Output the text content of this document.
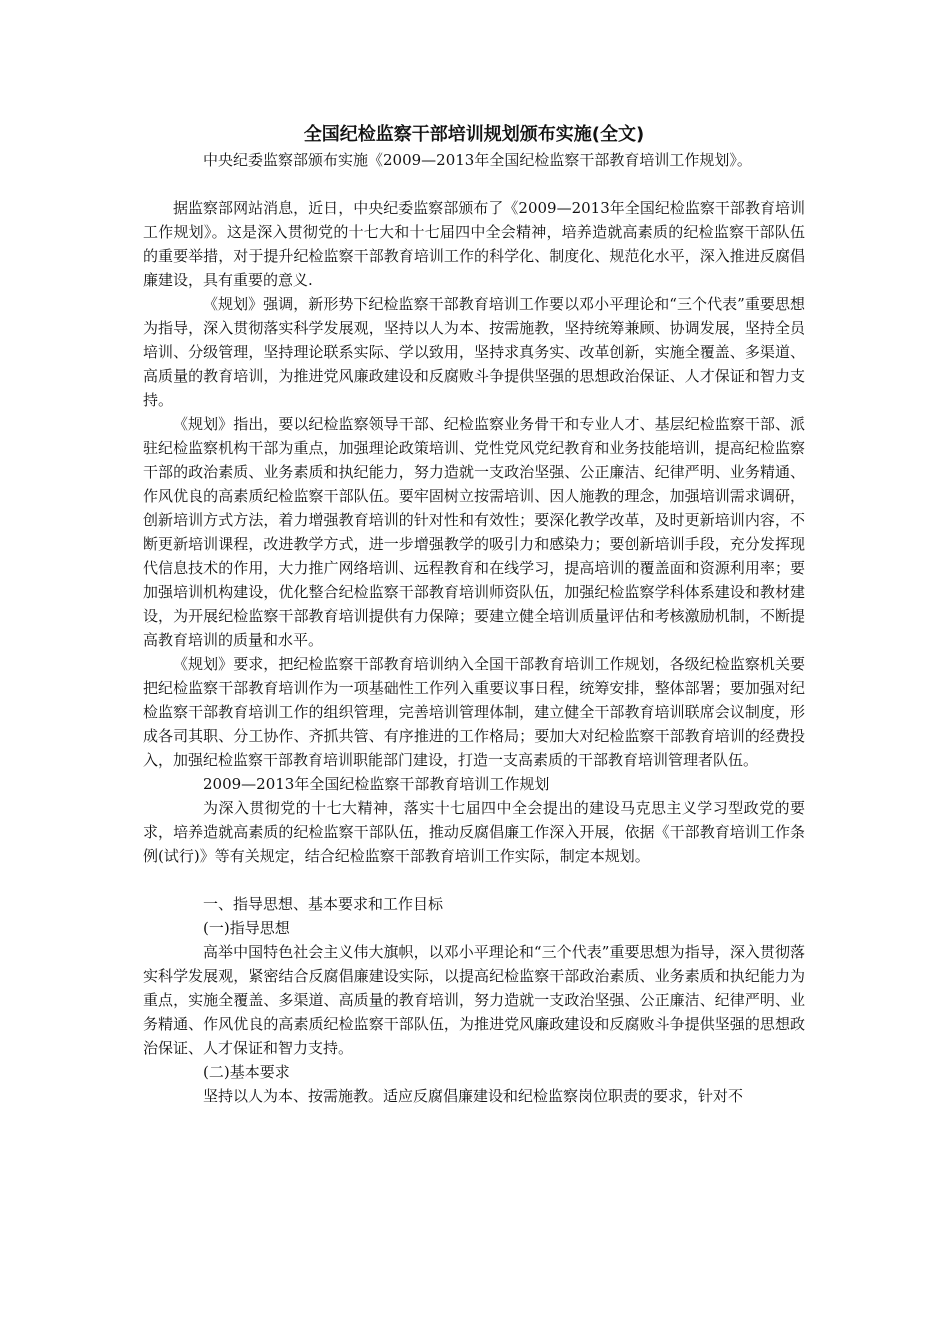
全国纪检监察干部培训规划颁布实施(全文)

中央纪委监察部颁布实施《2009—2013年全国纪检监察干部教育培训工作规划》。

据监察部网站消息，近日，中央纪委监察部颁布了《2009—2013年全国纪检监察干部教育培训工作规划》。这是深入贯彻党的十七大和十七届四中全会精神，培养造就高素质的纪检监察干部队伍的重要举措，对于提升纪检监察干部教育培训工作的科学化、制度化、规范化水平，深入推进反腐倡廉建设，具有重要的意义.

《规划》强调，新形势下纪检监察干部教育培训工作要以邓小平理论和“三个代表”重要思想为指导，深入贯彻落实科学发展观，坚持以人为本、按需施教，坚持统筹兼顾、协调发展，坚持全员培训、分级管理，坚持理论联系实际、学以致用，坚持求真务实、改革创新，实施全覆盖、多渠道、高质量的教育培训，为推进党风廉政建设和反腐败斗争提供坚强的思想政治保证、人才保证和智力支持。

《规划》指出，要以纪检监察领导干部、纪检监察业务骨干和专业人才、基层纪检监察干部、派驻纪检监察机构干部为重点，加强理论政策培训、党性党风党纪教育和业务技能培训，提高纪检监察干部的政治素质、业务素质和执纪能力，努力造就一支政治坚强、公正廉洁、纪律严明、业务精通、作风优良的高素质纪检监察干部队伍。要牢固树立按需培训、因人施教的理念，加强培训需求调研，创新培训方式方法，着力增强教育培训的针对性和有效性；要深化教学改革，及时更新培训内容，不断更新培训课程，改进教学方式，进一步增强教学的吸引力和感染力；要创新培训手段，充分发挥现代信息技术的作用，大力推广网络培训、远程教育和在线学习，提高培训的覆盖面和资源利用率；要加强培训机构建设，优化整合纪检监察干部教育培训师资队伍，加强纪检监察学科体系建设和教材建设，为开展纪检监察干部教育培训提供有力保障；要建立健全培训质量评估和考核激励机制，不断提高教育培训的质量和水平。

《规划》要求，把纪检监察干部教育培训纳入全国干部教育培训工作规划，各级纪检监察机关要把纪检监察干部教育培训作为一项基础性工作列入重要议事日程，统筹安排，整体部署；要加强对纪检监察干部教育培训工作的组织管理，完善培训管理体制，建立健全干部教育培训联席会议制度，形成各司其职、分工协作、齐抓共管、有序推进的工作格局；要加大对纪检监察干部教育培训的经费投入，加强纪检监察干部教育培训职能部门建设，打造一支高素质的干部教育培训管理者队伍。

2009—2013年全国纪检监察干部教育培训工作规划

为深入贯彻党的十七大精神，落实十七届四中全会提出的建设马克思主义学习型政党的要求，培养造就高素质的纪检监察干部队伍，推动反腐倡廉工作深入开展，依据《干部教育培训工作条例(试行)》等有关规定，结合纪检监察干部教育培训工作实际，制定本规划。

一、指导思想、基本要求和工作目标

(一)指导思想

高举中国特色社会主义伟大旗帜，以邓小平理论和“三个代表”重要思想为指导，深入贯彻落实科学发展观，紧密结合反腐倡廉建设实际，以提高纪检监察干部政治素质、业务素质和执纪能力为重点，实施全覆盖、多渠道、高质量的教育培训，努力造就一支政治坚强、公正廉洁、纪律严明、业务精通、作风优良的高素质纪检监察干部队伍，为推进党风廉政建设和反腐败斗争提供坚强的思想政治保证、人才保证和智力支持。

(二)基本要求

坚持以人为本、按需施教。适应反腐倡廉建设和纪检监察岗位职责的要求，针对不
